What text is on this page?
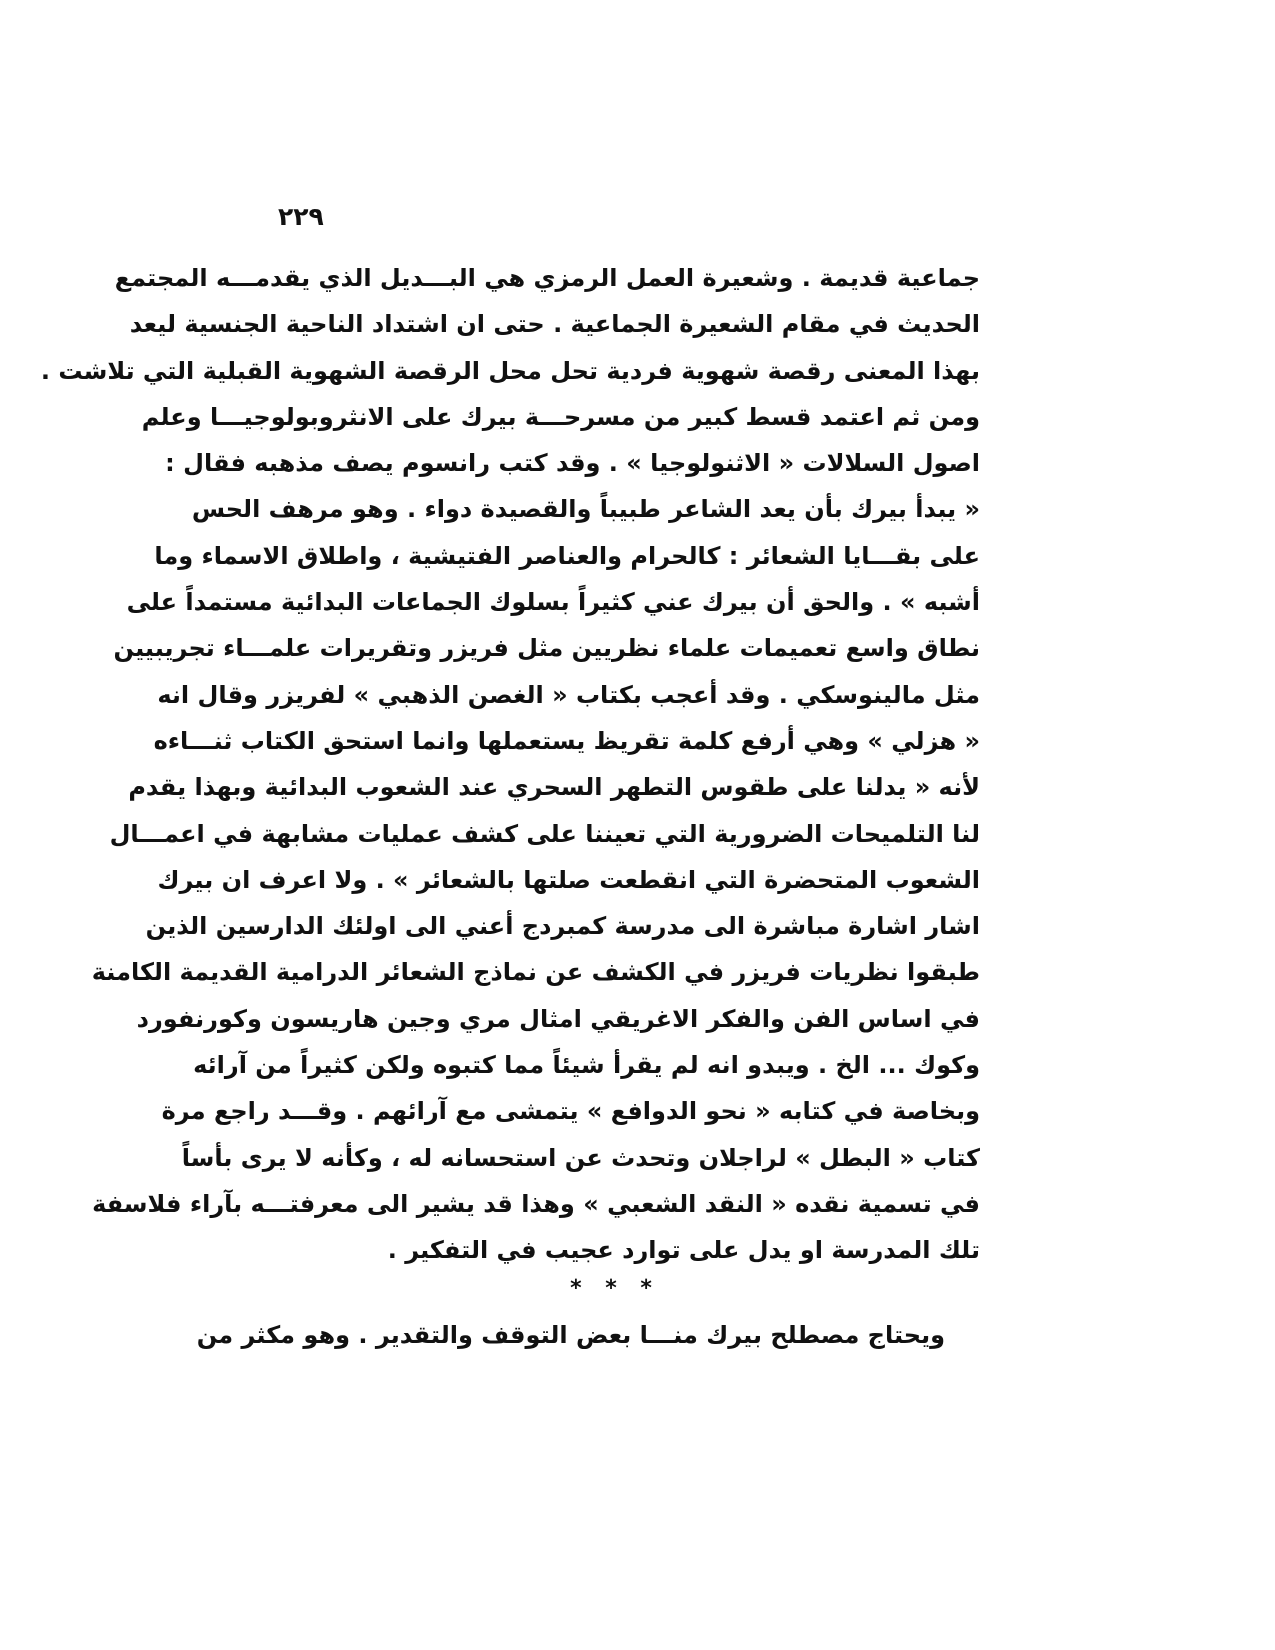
٢٢٩
جماعية قديمة . وشعيرة العمل الرمزي هي البـــديل الذي يقدمـــه المجتمع
الحديث في مقام الشعيرة الجماعية . حتى ان اشتداد الناحية الجنسية ليعد
بهذا المعنى رقصة شهوية فردية تحل محل الرقصة الشهوية القبلية التي تلاشت .
ومن ثم اعتمد قسط كبير من مسرحـــة بيرك على الانثروبولوجيـــا وعلم
اصول السلالات « الاثنولوجيا » . وقد كتب رانسوم يصف مذهبه فقال :
« يبدأ بيرك بأن يعد الشاعر طبيباً والقصيدة دواء . وهو مرهف الحس
على بقـــايا الشعائر : كالحرام والعناصر الفتيشية ، واطلاق الاسماء وما
أشبه » . والحق أن بيرك عني كثيراً بسلوك الجماعات البدائية مستمداً على
نطاق واسع تعميمات علماء نظريين مثل فريزر وتقريرات علمـــاء تجريبيين
مثل مالينوسكي . وقد أعجب بكتاب « الغصن الذهبي » لفريزر وقال انه
« هزلي » وهي أرفع كلمة تقريظ يستعملها وانما استحق الكتاب ثنـــاءه
لأنه « يدلنا على طقوس التطهر السحري عند الشعوب البدائية وبهذا يقدم
لنا التلميحات الضرورية التي تعيننا على كشف عمليات مشابهة في اعمـــال
الشعوب المتحضرة التي انقطعت صلتها بالشعائر » . ولا اعرف ان بيرك
اشار اشارة مباشرة الى مدرسة كمبردج أعني الى اولئك الدارسين الذين
طبقوا نظريات فريزر في الكشف عن نماذج الشعائر الدرامية القديمة الكامنة
في اساس الفن والفكر الاغريقي امثال مري وجين هاريسون وكورنفورد
وكوك ... الخ . ويبدو انه لم يقرأ شيئاً مما كتبوه ولكن كثيراً من آرائه
وبخاصة في كتابه « نحو الدوافع » يتمشى مع آرائهم . وقـــد راجع مرة
كتاب « البطل » لراجلان وتحدث عن استحسانه له ، وكأنه لا يرى بأساً
في تسمية نقده « النقد الشعبي » وهذا قد يشير الى معرفتـــه بآراء فلاسفة
تلك المدرسة او يدل على توارد عجيب في التفكير .
* * *
ويحتاج مصطلح بيرك منـــا بعض التوقف والتقدير . وهو مكثر من
